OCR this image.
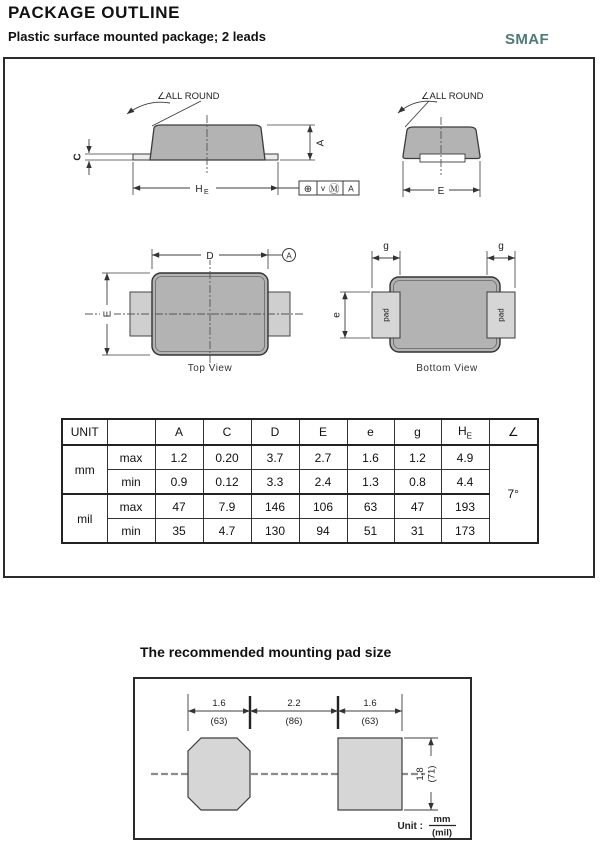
PACKAGE OUTLINE
Plastic surface mounted package; 2 leads	SMAF
∠ALL ROUND
A
C
H E	⊕ v Ⓜ A
∠ALL ROUND
E
D	A
E
Top View
pad	pad
g	g
e
Bottom View
UNIT		A	C	D	E	e	g	$H_E$	∠
mm	max	1.2	0.20	3.7	2.7	1.6	1.2	4.9	7°
	min	0.9	0.12	3.3	2.4	1.3	0.8	4.4	
mil	max	47	7.9	146	106	63	47	193	
	min	35	4.7	130	94	51	31	173	
The recommended mounting pad size
1.6
(63)
2.2
(86)
1.6
(63)
1.8 (71)
Unit :
mm
(mil)
